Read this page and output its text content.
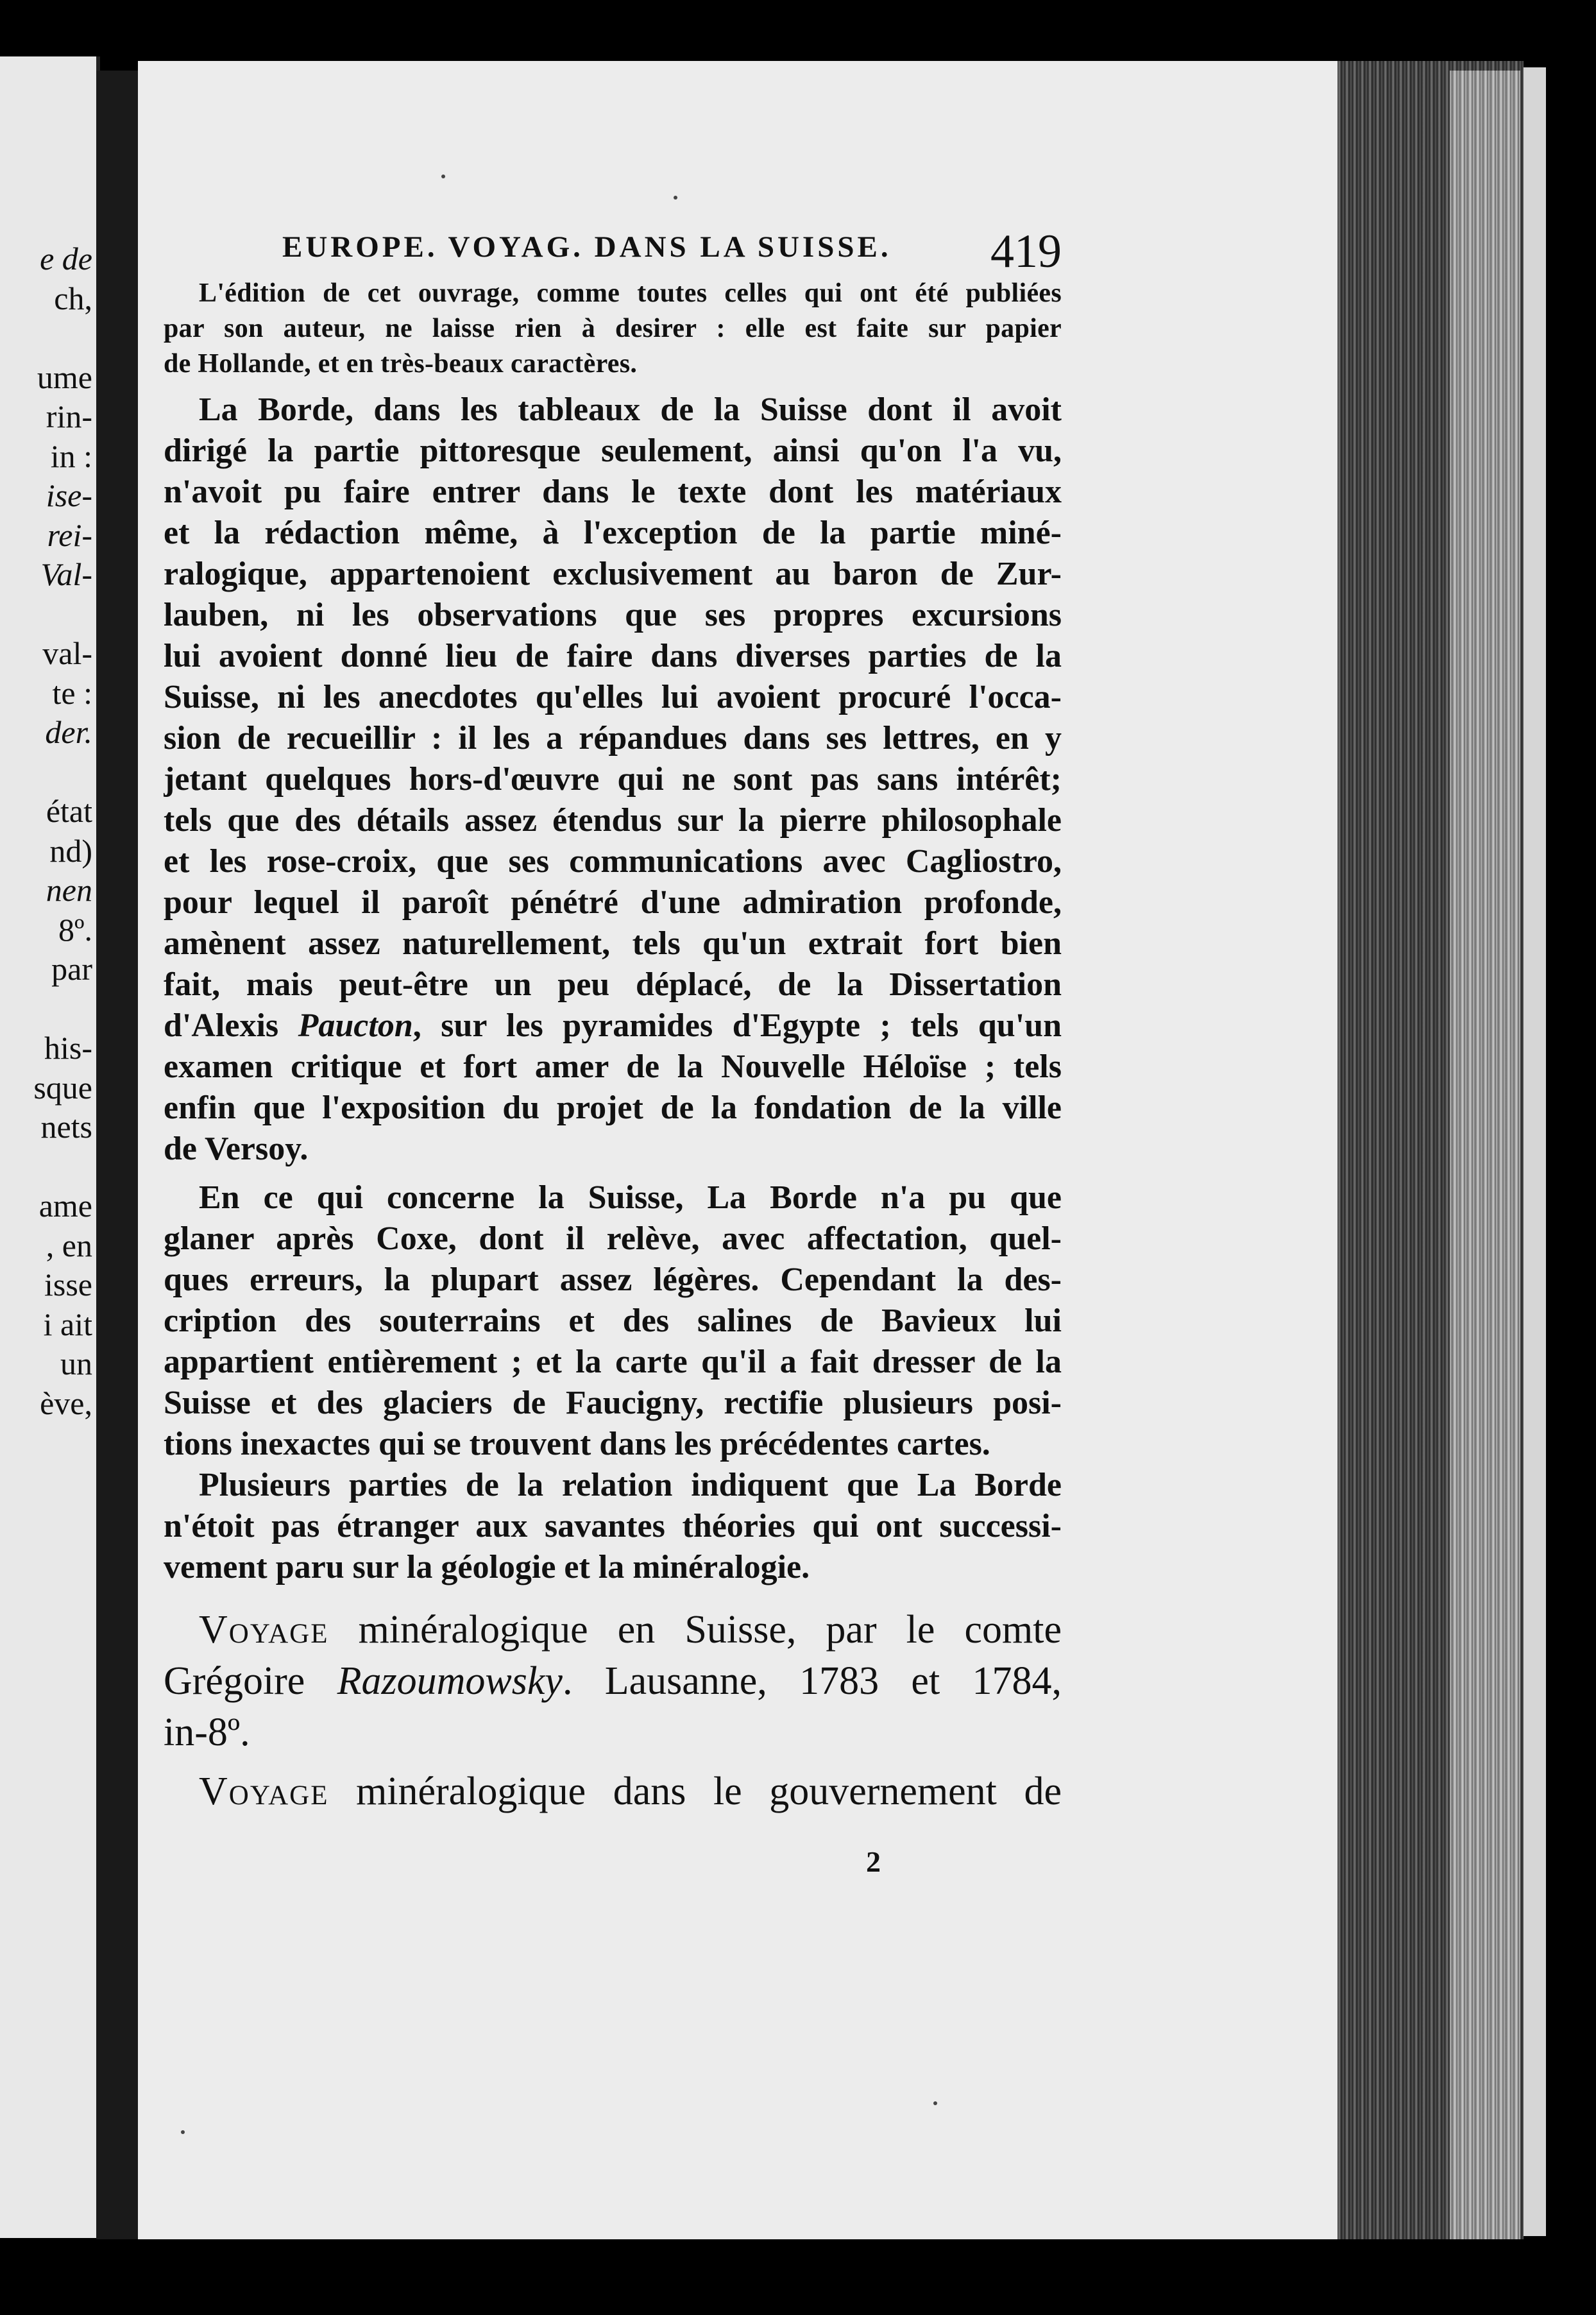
e de
ch,
ume
rin-
in :
ise-
rei-
Val-
val-
te :
der.
état
nd)
nen
8º.
par
his-
sque
nets
ame
, en
isse
i ait
un
ève,
EUROPE. VOYAG. DANS LA SUISSE. 419
L'édition de cet ouvrage, comme toutes celles qui ont été publiées
par son auteur, ne laisse rien à desirer : elle est faite sur papier
de Hollande, et en très-beaux caractères.
La Borde, dans les tableaux de la Suisse dont il avoit
dirigé la partie pittoresque seulement, ainsi qu'on l'a vu,
n'avoit pu faire entrer dans le texte dont les matériaux
et la rédaction même, à l'exception de la partie miné-
ralogique, appartenoient exclusivement au baron de Zur-
lauben, ni les observations que ses propres excursions
lui avoient donné lieu de faire dans diverses parties de la
Suisse, ni les anecdotes qu'elles lui avoient procuré l'occa-
sion de recueillir : il les a répandues dans ses lettres, en y
jetant quelques hors-d'œuvre qui ne sont pas sans intérêt;
tels que des détails assez étendus sur la pierre philosophale
et les rose-croix, que ses communications avec Cagliostro,
pour lequel il paroît pénétré d'une admiration profonde,
amènent assez naturellement, tels qu'un extrait fort bien
fait, mais peut-être un peu déplacé, de la Dissertation
d'Alexis Paucton, sur les pyramides d'Egypte ; tels qu'un
examen critique et fort amer de la Nouvelle Héloïse ; tels
enfin que l'exposition du projet de la fondation de la ville
de Versoy.
En ce qui concerne la Suisse, La Borde n'a pu que
glaner après Coxe, dont il relève, avec affectation, quel-
ques erreurs, la plupart assez légères. Cependant la des-
cription des souterrains et des salines de Bavieux lui
appartient entièrement ; et la carte qu'il a fait dresser de la
Suisse et des glaciers de Faucigny, rectifie plusieurs posi-
tions inexactes qui se trouvent dans les précédentes cartes.
Plusieurs parties de la relation indiquent que La Borde
n'étoit pas étranger aux savantes théories qui ont successi-
vement paru sur la géologie et la minéralogie.
Voyage minéralogique en Suisse, par le comte
Grégoire Razoumowsky. Lausanne, 1783 et 1784,
in-8º.
Voyage minéralogique dans le gouvernement de
2
